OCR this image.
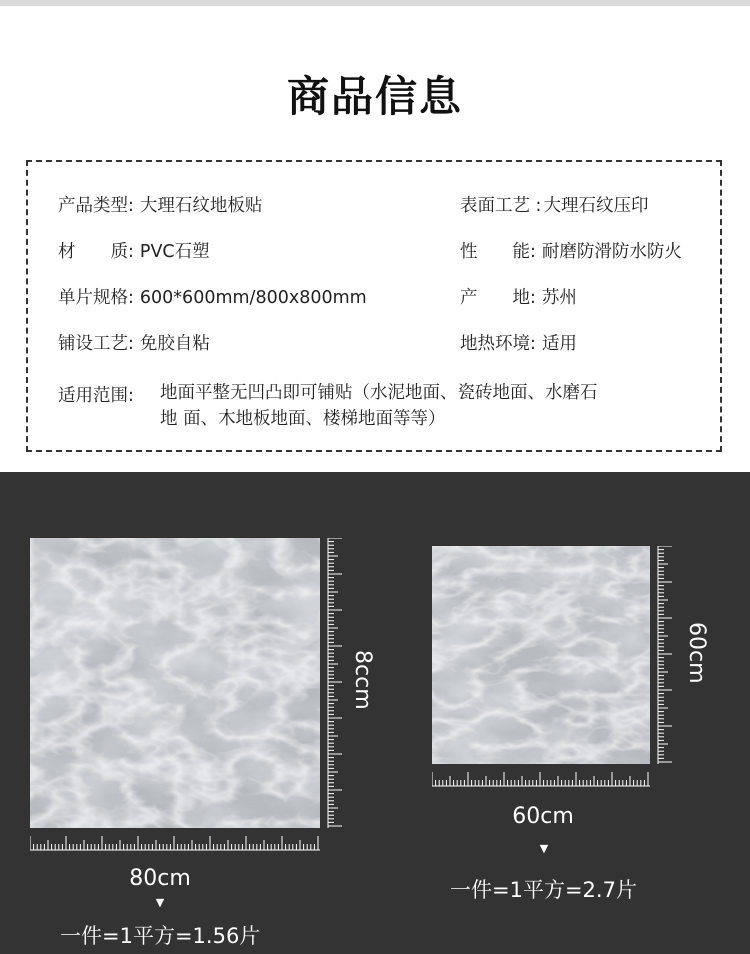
商品信息
产品类型: 大理石纹地板贴	表面工艺 : 大理石纹压印
材　　质: PVC石塑	性　　能: 耐磨防滑防水防火
单片规格: 600*600mm/800x800mm	产　　地: 苏州
铺设工艺: 免胶自粘	地热环境: 适用
适用范围: 地面平整无凹凸即可铺贴（水泥地面、瓷砖地面、水磨石
地 面、木地板地面、楼梯地面等等）
8ccm
80cm
▼
一件=1平方=1.56片
60cm
60cm
▼
一件=1平方=2.7片
